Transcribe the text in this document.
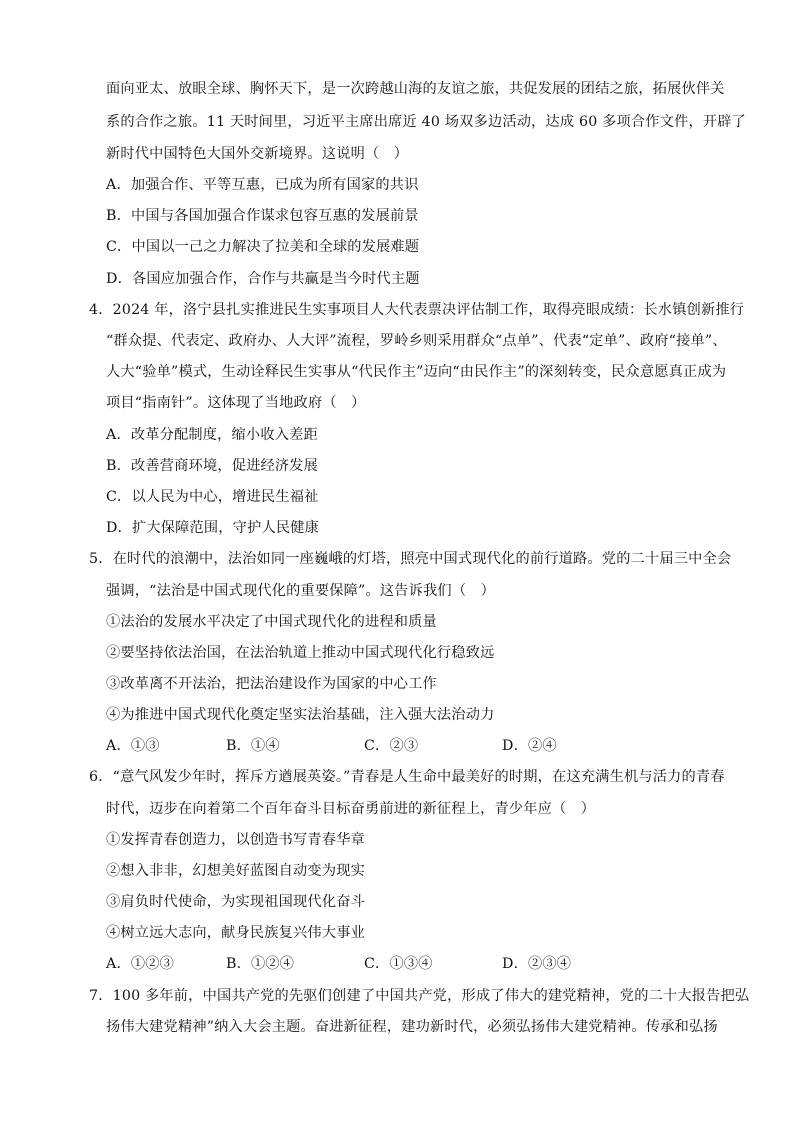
面向亚太、放眼全球、胸怀天下，是一次跨越山海的友谊之旅，共促发展的团结之旅，拓展伙伴关
系的合作之旅。11 天时间里，习近平主席出席近 40 场双多边活动，达成 60 多项合作文件，开辟了
新时代中国特色大国外交新境界。这说明（　）
A．加强合作、平等互惠，已成为所有国家的共识
B．中国与各国加强合作谋求包容互惠的发展前景
C．中国以一己之力解决了拉美和全球的发展难题
D．各国应加强合作，合作与共赢是当今时代主题
4．2024 年，洛宁县扎实推进民生实事项目人大代表票决评估制工作，取得亮眼成绩：长水镇创新推行
“群众提、代表定、政府办、人大评”流程，罗岭乡则采用群众“点单”、代表“定单”、政府“接单”、
人大“验单”模式，生动诠释民生实事从“代民作主”迈向“由民作主”的深刻转变，民众意愿真正成为
项目“指南针”。这体现了当地政府（　）
A．改革分配制度，缩小收入差距
B．改善营商环境，促进经济发展
C．以人民为中心，增进民生福祉
D．扩大保障范围，守护人民健康
5．在时代的浪潮中，法治如同一座巍峨的灯塔，照亮中国式现代化的前行道路。党的二十届三中全会
强调，“法治是中国式现代化的重要保障”。这告诉我们（　）
①法治的发展水平决定了中国式现代化的进程和质量
②要坚持依法治国，在法治轨道上推动中国式现代化行稳致远
③改革离不开法治，把法治建设作为国家的中心工作
④为推进中国式现代化奠定坚实法治基础，注入强大法治动力
A．①③	B．①④	C．②③	D．②④
6．“意气风发少年时，挥斥方遒展英姿。”青春是人生命中最美好的时期，在这充满生机与活力的青春
时代，迈步在向着第二个百年奋斗目标奋勇前进的新征程上，青少年应（　）
①发挥青春创造力，以创造书写青春华章
②想入非非，幻想美好蓝图自动变为现实
③肩负时代使命，为实现祖国现代化奋斗
④树立远大志向，献身民族复兴伟大事业
A．①②③	B．①②④	C．①③④	D．②③④
7．100 多年前，中国共产党的先驱们创建了中国共产党，形成了伟大的建党精神，党的二十大报告把弘
扬伟大建党精神”纳入大会主题。奋进新征程，建功新时代，必须弘扬伟大建党精神。传承和弘扬
